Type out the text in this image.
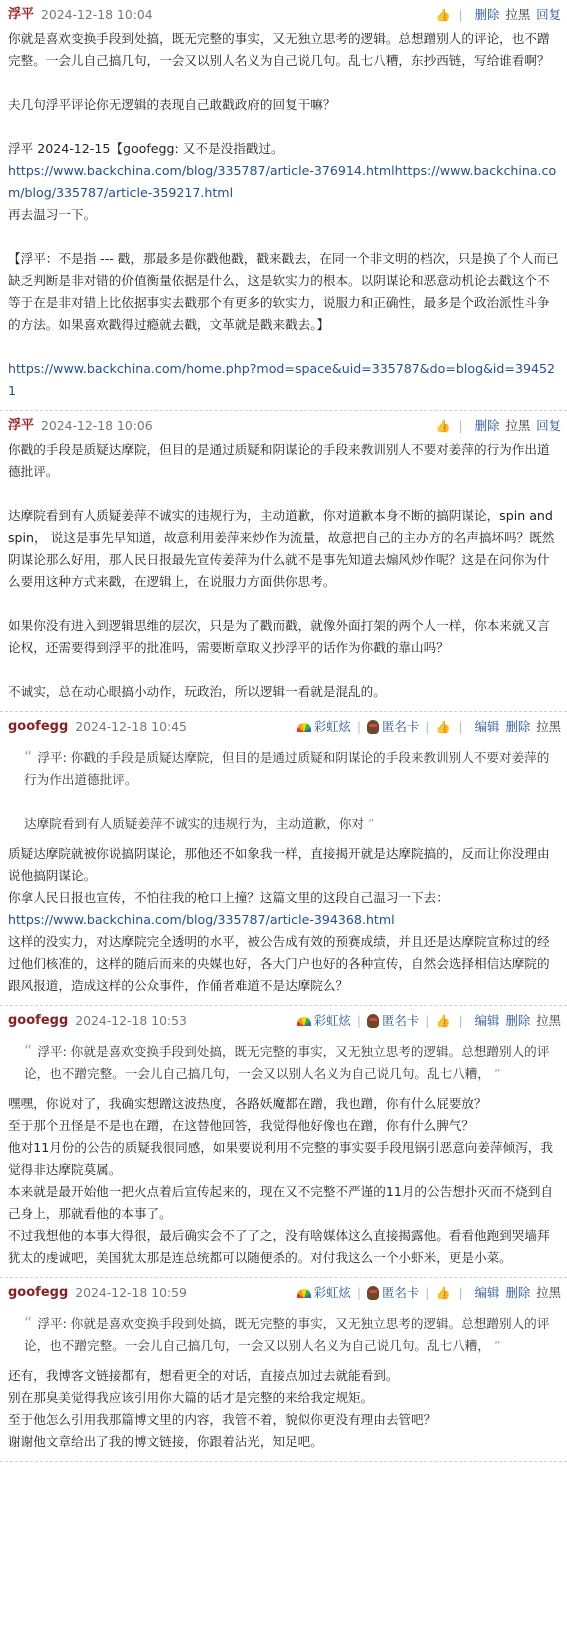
浮平 2024-12-18 10:04	👍 | 删除 拉黑 回复

你就是喜欢变换手段到处搞，既无完整的事实，又无独立思考的逻辑。总想蹭别人的评论，也不蹭完整。一会儿自己搞几句，一会又以别人名义为自己说几句。乱七八糟，东抄西链，写给谁看啊？

夫几句浮平评论你无逻辑的表现自己敢戳政府的回复干嘛？

浮平 2024-12-15【goofegg: 又不是没指戳过。

https://www.backchina.com/blog/335787/article-376914.htmlhttps://www.backchina.com/blog/335787/article-359217.html

再去温习一下。

【浮平：不是指 --- 戳，那最多是你戳他戳，戳来戳去，在同一个非文明的档次，只是换了个人而已缺乏判断是非对错的价值衡量依据是什么，这是软实力的根本。以阴谋论和恶意动机论去戳这个不等于在是非对错上比依据事实去戳那个有更多的软实力，说服力和正确性，最多是个政治派性斗争的方法。如果喜欢戳得过瘾就去戳，文革就是戳来戳去。】

https://www.backchina.com/home.php?mod=space&uid=335787&do=blog&id=394521

浮平 2024-12-18 10:06	👍 | 删除 拉黑 回复

你戳的手段是质疑达摩院，但目的是通过质疑和阴谋论的手段来教训别人不要对姜萍的行为作出道德批评。

达摩院看到有人质疑姜萍不诚实的违规行为，主动道歉，你对道歉本身不断的搞阴谋论，spin and spin， 说这是事先早知道，故意利用姜萍来炒作为流量，故意把自己的主办方的名声搞坏吗？既然阴谋论那么好用，那人民日报最先宣传姜萍为什么就不是事先知道去煽风炒作呢？这是在问你为什么要用这种方式来戳，在逻辑上，在说服力方面供你思考。

如果你没有进入到逻辑思维的层次，只是为了戳而戳，就像外面打架的两个人一样，你本来就又言论权，还需要得到浮平的批准吗，需要断章取义抄浮平的话作为你戳的靠山吗？

不诚实，总在动心眼搞小动作，玩政治，所以逻辑一看就是混乱的。

goofegg 2024-12-18 10:45	彩虹炫 | 匿名卡 | 👍 | 编辑 删除 拉黑
“ 浮平: 你戳的手段是质疑达摩院，但目的是通过质疑和阴谋论的手段来教训别人不要对姜萍的行为作出道德批评。

达摩院看到有人质疑姜萍不诚实的违规行为，主动道歉，你对 ”

质疑达摩院就被你说搞阴谋论，那他还不如象我一样，直接揭开就是达摩院搞的，反而让你没理由说他搞阴谋论。

你拿人民日报也宣传，不怕往我的枪口上撞？这篇文里的这段自己温习一下去：

https://www.backchina.com/blog/335787/article-394368.html

这样的没实力，对达摩院完全透明的水平，被公告成有效的预赛成绩，并且还是达摩院宣称过的经过他们核准的，这样的随后而来的央媒也好，各大门户也好的各种宣传，自然会选择相信达摩院的跟风报道，造成这样的公众事件，作俑者难道不是达摩院么？

goofegg 2024-12-18 10:53	彩虹炫 | 匿名卡 | 👍 | 编辑 删除 拉黑
“ 浮平: 你就是喜欢变换手段到处搞，既无完整的事实，又无独立思考的逻辑。总想蹭别人的评论，也不蹭完整。一会儿自己搞几句，一会又以别人名义为自己说几句。乱七八糟， ”

嘿嘿，你说对了，我确实想蹭这波热度，各路妖魔都在蹭，我也蹭，你有什么屁要放？

至于那个丑怪是不是也在蹭，在这替他回答，我觉得他好像也在蹭，你有什么脾气？

他对11月份的公告的质疑我很同感，如果要说利用不完整的事实耍手段甩锅引恶意向姜萍倾泻，我觉得非达摩院莫属。

本来就是最开始他一把火点着后宣传起来的，现在又不完整不严谨的11月的公告想扑灭而不烧到自己身上，那就看他的本事了。

不过我想他的本事大得很，最后确实会不了了之，没有啥媒体这么直接揭露他。看看他跑到哭墙拜犹太的虔诚吧，美国犹太那是连总统都可以随便杀的。对付我这么一个小虾米，更是小菜。

goofegg 2024-12-18 10:59	彩虹炫 | 匿名卡 | 👍 | 编辑 删除 拉黑
“ 浮平: 你就是喜欢变换手段到处搞，既无完整的事实，又无独立思考的逻辑。总想蹭别人的评论，也不蹭完整。一会儿自己搞几句，一会又以别人名义为自己说几句。乱七八糟， ”

还有，我博客文链接都有，想看更全的对话，直接点加过去就能看到。

别在那臭美觉得我应该引用你大篇的话才是完整的来给我定规矩。

至于他怎么引用我那篇博文里的内容，我管不着，貌似你更没有理由去管吧？

谢谢他文章给出了我的博文链接，你跟着沾光，知足吧。
